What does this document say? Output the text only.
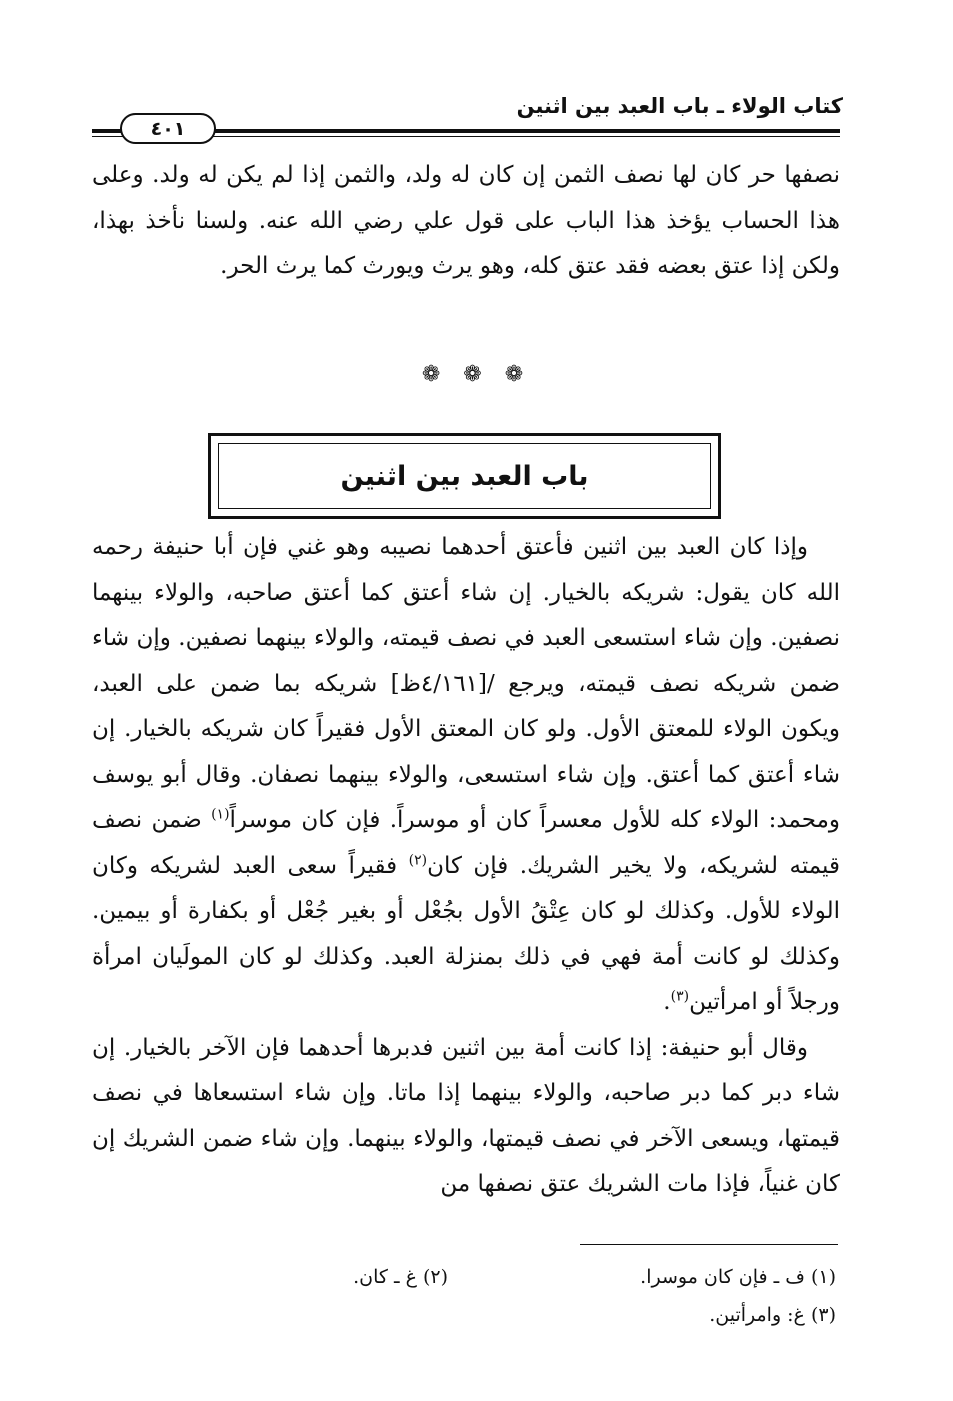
كتاب الولاء ـ باب العبد بين اثنين
٤٠١

نصفها حر كان لها نصف الثمن إن كان له ولد، والثمن إذا لم يكن له ولد. وعلى هذا الحساب يؤخذ هذا الباب على قول علي رضي الله عنه. ولسنا نأخذ بهذا، ولكن إذا عتق بعضه فقد عتق كله، وهو يرث ويورث كما يرث الحر.

❁ ❁ ❁
باب العبد بين اثنين

وإذا كان العبد بين اثنين فأعتق أحدهما نصيبه وهو غني فإن أبا حنيفة رحمه الله كان يقول: شريكه بالخيار. إن شاء أعتق كما أعتق صاحبه، والولاء بينهما نصفين. وإن شاء استسعى العبد في نصف قيمته، والولاء بينهما نصفين. وإن شاء ضمن شريكه نصف قيمته، ويرجع /[٤/١٦١ظ] شريكه بما ضمن على العبد، ويكون الولاء للمعتق الأول. ولو كان المعتق الأول فقيراً كان شريكه بالخيار. إن شاء أعتق كما أعتق. وإن شاء استسعى، والولاء بينهما نصفان. وقال أبو يوسف ومحمد: الولاء كله للأول معسراً كان أو موسراً. فإن كان موسراً$^{(١)}$ ضمن نصف قيمته لشريكه، ولا يخير الشريك. فإن كان$^{(٢)}$ فقيراً سعى العبد لشريكه وكان الولاء للأول. وكذلك لو كان عِتْقُ الأول بجُعْل أو بغير جُعْل أو بكفارة أو بيمين. وكذلك لو كانت أمة فهي في ذلك بمنزلة العبد. وكذلك لو كان المولَيان امرأة ورجلاً أو امرأتين$^{(٣)}$.

وقال أبو حنيفة: إذا كانت أمة بين اثنين فدبرها أحدهما فإن الآخر بالخيار. إن شاء دبر كما دبر صاحبه، والولاء بينهما إذا ماتا. وإن شاء استسعاها في نصف قيمتها، ويسعى الآخر في نصف قيمتها، والولاء بينهما. وإن شاء ضمن الشريك إن كان غنياً، فإذا مات الشريك عتق نصفها من

(١) ف ـ فإن كان موسرا.
(٢) غ ـ كان.
(٣) غ: وامرأتين.
